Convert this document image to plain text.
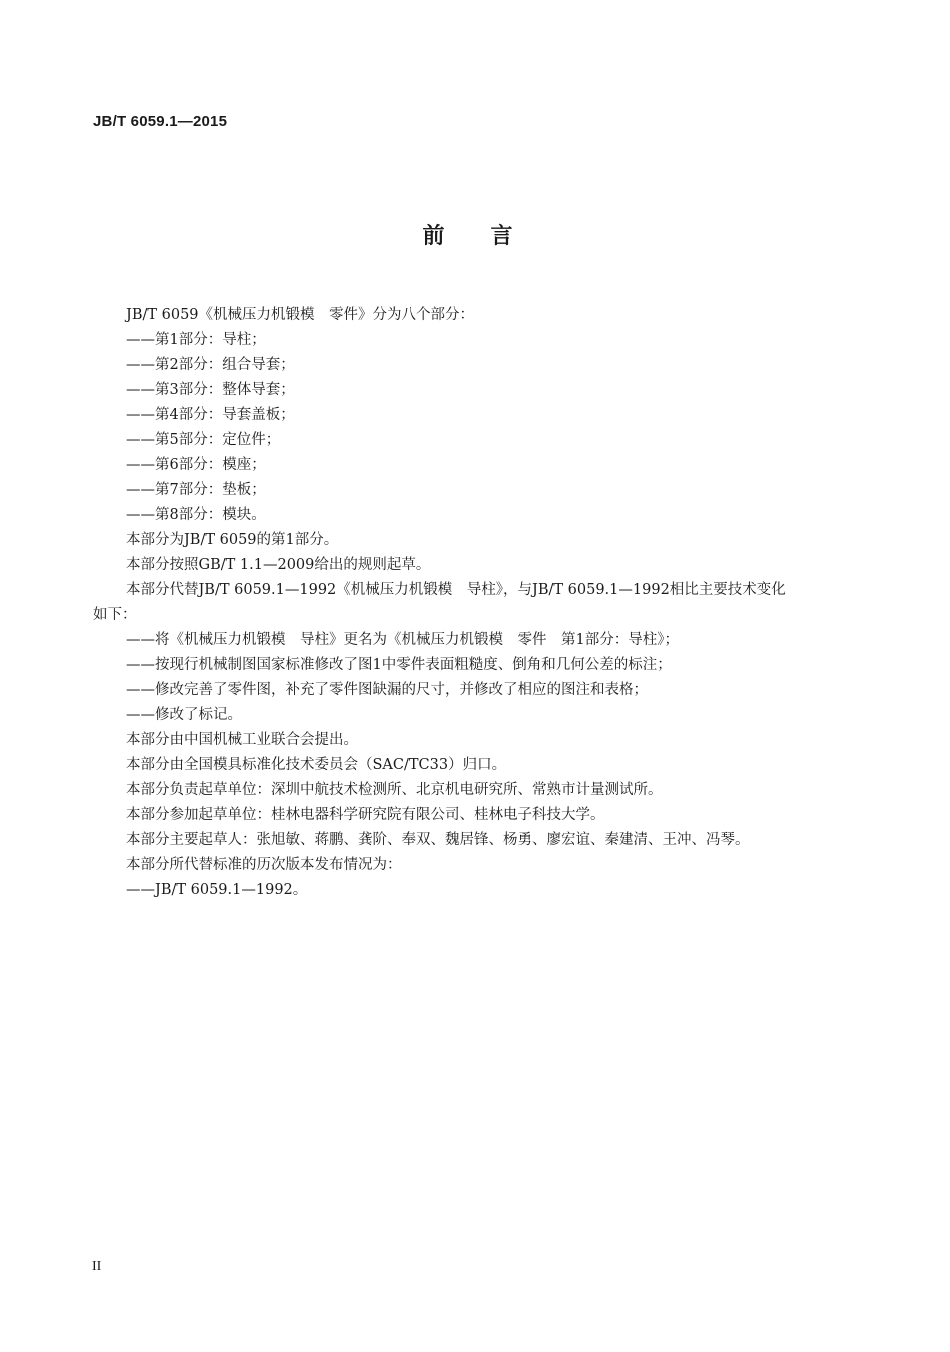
JB/T 6059.1—2015
前 言
JB/T 6059《机械压力机锻模　零件》分为八个部分：
——第1部分：导柱；
——第2部分：组合导套；
——第3部分：整体导套；
——第4部分：导套盖板；
——第5部分：定位件；
——第6部分：模座；
——第7部分：垫板；
——第8部分：模块。
本部分为JB/T 6059的第1部分。
本部分按照GB/T 1.1—2009给出的规则起草。
本部分代替JB/T 6059.1—1992《机械压力机锻模　导柱》，与JB/T 6059.1—1992相比主要技术变化
如下：
——将《机械压力机锻模　导柱》更名为《机械压力机锻模　零件　第1部分：导柱》；
——按现行机械制图国家标准修改了图1中零件表面粗糙度、倒角和几何公差的标注；
——修改完善了零件图，补充了零件图缺漏的尺寸，并修改了相应的图注和表格；
——修改了标记。
本部分由中国机械工业联合会提出。
本部分由全国模具标准化技术委员会（SAC/TC33）归口。
本部分负责起草单位：深圳中航技术检测所、北京机电研究所、常熟市计量测试所。
本部分参加起草单位：桂林电器科学研究院有限公司、桂林电子科技大学。
本部分主要起草人：张旭敏、蒋鹏、龚阶、奉双、魏居锋、杨勇、廖宏谊、秦建清、王冲、冯琴。
本部分所代替标准的历次版本发布情况为：
——JB/T 6059.1—1992。
II
